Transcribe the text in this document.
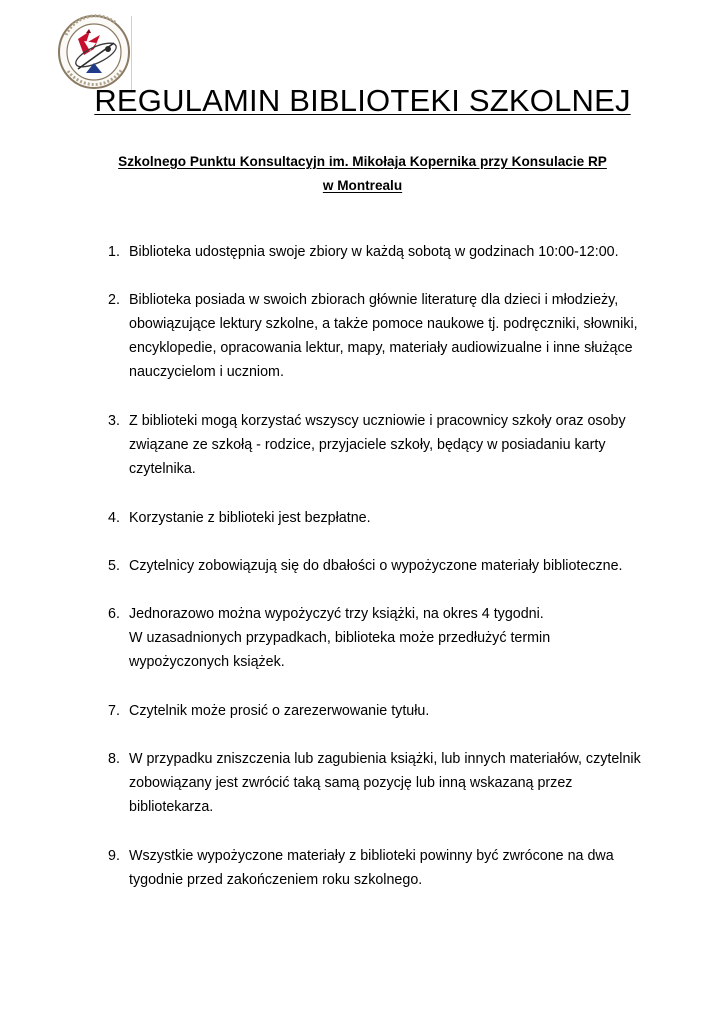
REGULAMIN BIBLIOTEKI SZKOLNEJ
Szkolnego Punktu Konsultacyjn im. Mikołaja Kopernika przy Konsulacie RP
w Montrealu
1. Biblioteka udostępnia swoje zbiory w każdą sobotą w godzinach 10:00-12:00.
2. Biblioteka posiada w swoich zbiorach głównie literaturę dla dzieci i młodzieży,
obowiązujące lektury szkolne, a także pomoce naukowe tj. podręczniki, słowniki,
encyklopedie, opracowania lektur, mapy, materiały audiowizualne i inne służące
nauczycielom i uczniom.
3. Z biblioteki mogą korzystać wszyscy uczniowie i pracownicy szkoły oraz osoby
związane ze szkołą - rodzice, przyjaciele szkoły, będący w posiadaniu karty
czytelnika.
4. Korzystanie z biblioteki jest bezpłatne.
5. Czytelnicy zobowiązują się do dbałości o wypożyczone materiały biblioteczne.
6. Jednorazowo można wypożyczyć trzy książki, na okres 4 tygodni.
W uzasadnionych przypadkach, biblioteka może przedłużyć termin
wypożyczonych książek.
7. Czytelnik może prosić o zarezerwowanie tytułu.
8. W przypadku zniszczenia lub zagubienia książki, lub innych materiałów, czytelnik
zobowiązany jest zwrócić taką samą pozycję lub inną wskazaną przez
bibliotekarza.
9. Wszystkie wypożyczone materiały z biblioteki powinny być zwrócone na dwa
tygodnie przed zakończeniem roku szkolnego.
